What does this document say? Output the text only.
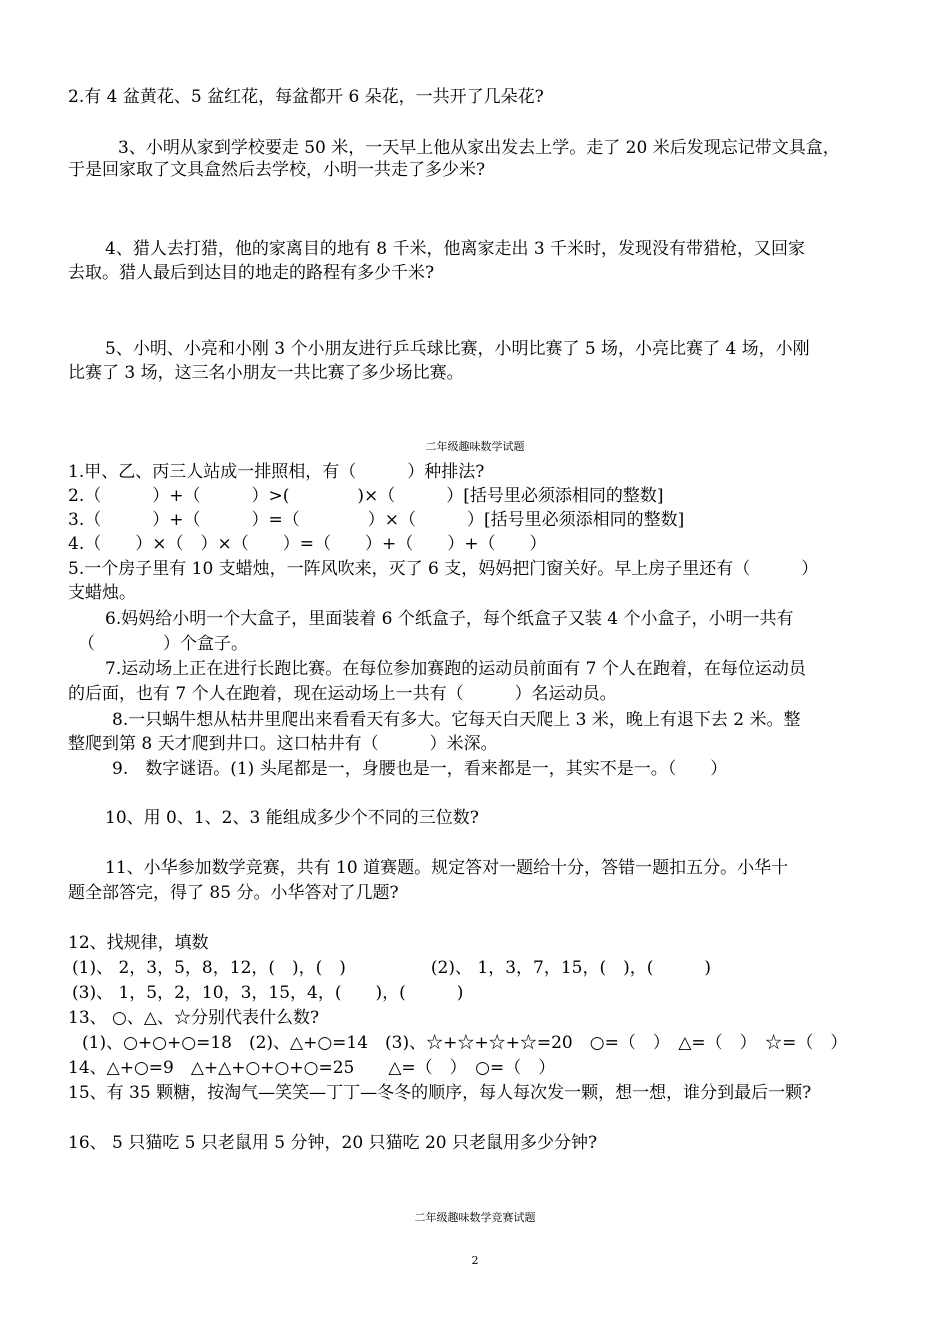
2.有 4 盆黄花、5 盆红花，每盆都开 6 朵花，一共开了几朵花?
3、小明从家到学校要走 50 米，一天早上他从家出发去上学。走了 20 米后发现忘记带文具盒，
于是回家取了文具盒然后去学校，小明一共走了多少米?
4、猎人去打猎，他的家离目的地有 8 千米，他离家走出 3 千米时，发现没有带猎枪，又回家
去取。猎人最后到达目的地走的路程有多少千米?
5、小明、小亮和小刚 3 个小朋友进行乒乓球比赛，小明比赛了 5 场，小亮比赛了 4 场，小刚
比赛了 3 场，这三名小朋友一共比赛了多少场比赛。
二年级趣味数学试题
1.甲、乙、丙三人站成一排照相，有（　　　）种排法?
2.（　　　）+（　　　）>(　　　　)×（　　　）[括号里必须添相同的整数]
3.（　　　）+（　　　）=（　　　　）×（　　　）[括号里必须添相同的整数]
4.（　　）×（　）×（　　）=（　　）+（　　）+（　　）
5.一个房子里有 10 支蜡烛，一阵风吹来，灭了 6 支，妈妈把门窗关好。早上房子里还有（　　　）
支蜡烛。
6.妈妈给小明一个大盒子，里面装着 6 个纸盒子，每个纸盒子又装 4 个小盒子，小明一共有
（　　　　）个盒子。
7.运动场上正在进行长跑比赛。在每位参加赛跑的运动员前面有 7 个人在跑着，在每位运动员
的后面，也有 7 个人在跑着，现在运动场上一共有（　　　）名运动员。
8.一只蜗牛想从枯井里爬出来看看天有多大。它每天白天爬上 3 米，晚上有退下去 2 米。整
整爬到第 8 天才爬到井口。这口枯井有（　　　）米深。
9.　数字谜语。(1) 头尾都是一，身腰也是一，看来都是一，其实不是一。（　　）
10、用 0、1、2、3 能组成多少个不同的三位数?
11、小华参加数学竞赛，共有 10 道赛题。规定答对一题给十分，答错一题扣五分。小华十
题全部答完，得了 85 分。小华答对了几题?
12、找规律，填数
(1)、 2，3，5，8，12，(　)，(　)　　　　　(2)、 1，3，7，15，(　)，(　　　)
(3)、 1，5，2，10，3，15，4，(　　)，(　　　)
13、 ○、△、☆分别代表什么数?
(1)、○+○+○=18　(2)、△+○=14　(3)、☆+☆+☆+☆=20　○=（　）　△=（　）　☆=（　）
14、△+○=9　△+△+○+○+○=25　　△=（　）　○=（　）
15、有 35 颗糖，按淘气—笑笑—丁丁—冬冬的顺序，每人每次发一颗，想一想，谁分到最后一颗?
16、 5 只猫吃 5 只老鼠用 5 分钟，20 只猫吃 20 只老鼠用多少分钟?
二年级趣味数学竞赛试题
2
